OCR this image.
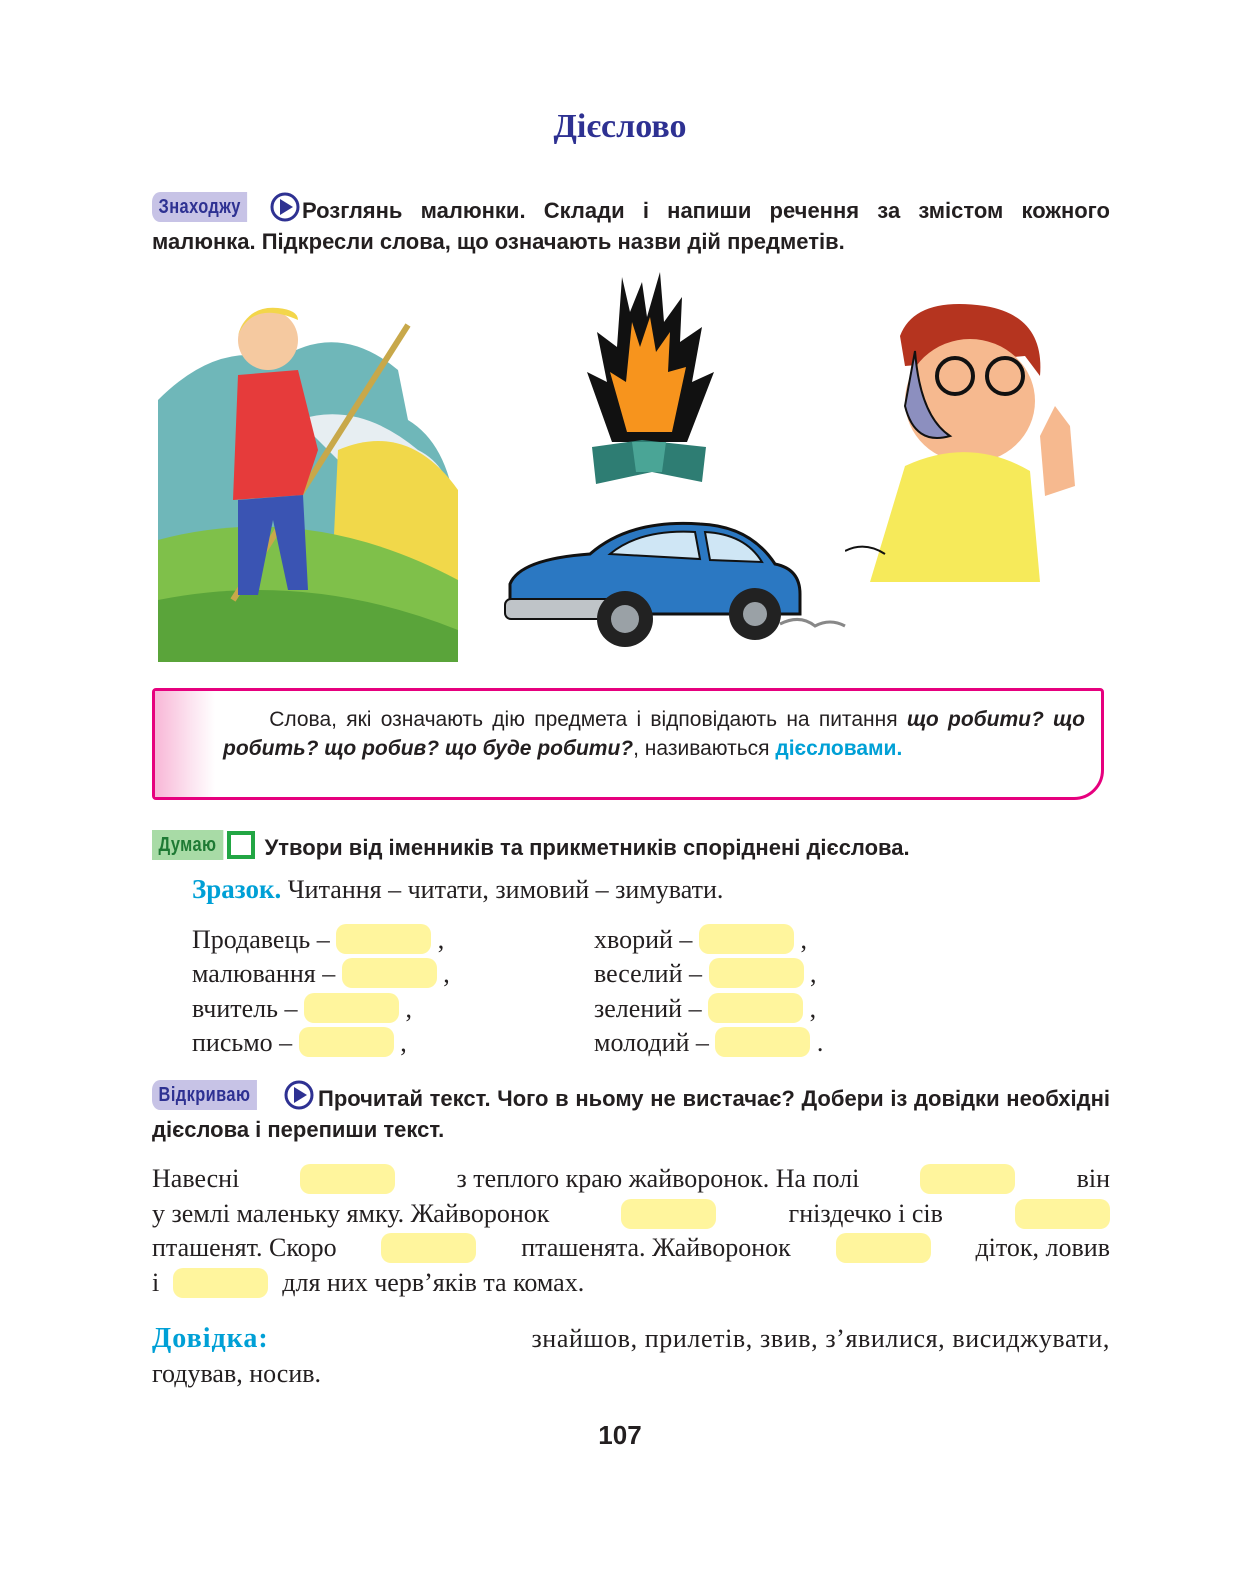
Дієслово
Знаходжу	Розглянь малюнки. Склади і напиши речення за змістом кожного малюнка. Підкресли слова, що означають назви дій предметів.
Слова, які означають дію предмета і відповідають на питання що робити? що робить? що робив? що буде робити?, називаються дієсловами.
Думаю Утвори від іменників та прикметників споріднені дієслова.
Зразок. Читання – читати, зимовий – зимувати.
Продавець –	,
малювання –	,
вчитель –	,
письмо –	,
хворий –	,
веселий –	,
зелений –	,
молодий –	.
Відкриваю	Прочитай текст. Чого в ньому не вистачає? Добери із довідки необхідні дієслова і перепиши текст.
Навесні	з теплого краю жайворонок. На полі	він
у землі маленьку ямку. Жайворонок	гніздечко і сів
пташенят. Скоро	пташенята. Жайворонок	діток, ловив
і	для них черв’яків та комах.
Довідка:	знайшов, прилетів, звив, з’явилися, висиджувати,
годував, носив.
107
